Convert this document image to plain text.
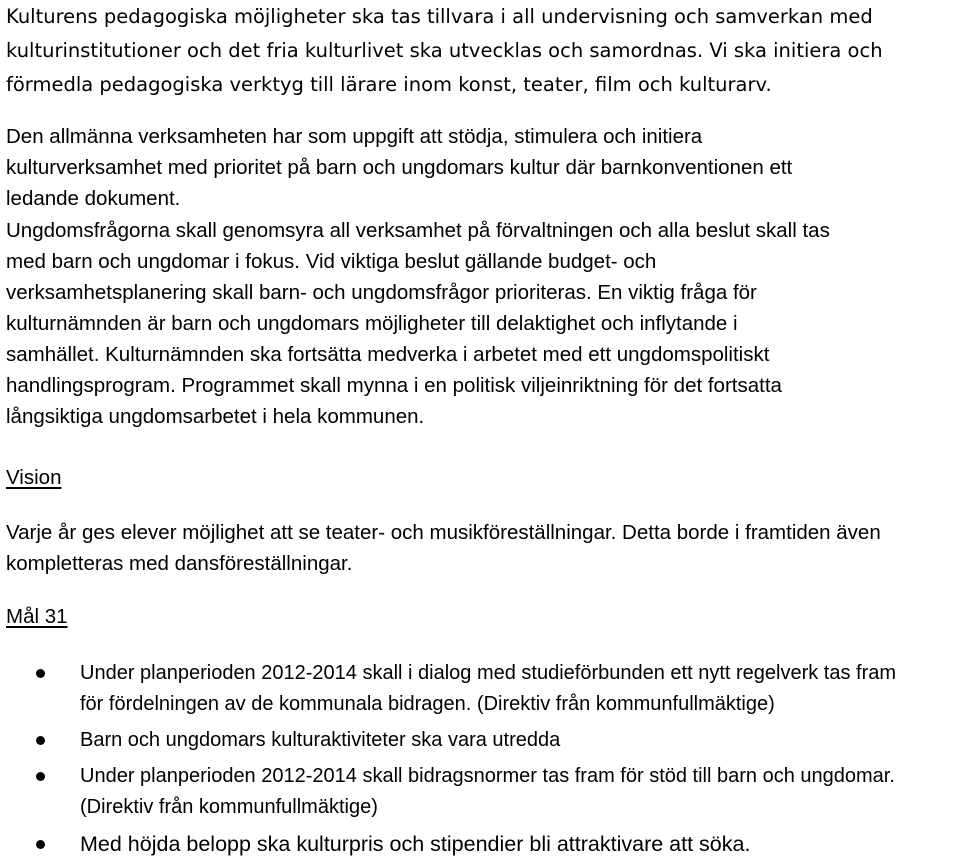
Kulturens pedagogiska möjligheter ska tas tillvara i all undervisning och samverkan med
kulturinstitutioner och det fria kulturlivet ska utvecklas och samordnas. Vi ska initiera och
förmedla pedagogiska verktyg till lärare inom konst, teater, film och kulturarv.
Den allmänna verksamheten har som uppgift att stödja, stimulera och initiera
kulturverksamhet med prioritet på barn och ungdomars kultur där barnkonventionen ett
ledande dokument.
Ungdomsfrågorna skall genomsyra all verksamhet på förvaltningen och alla beslut skall tas
med barn och ungdomar i fokus. Vid viktiga beslut gällande budget- och
verksamhetsplanering skall barn- och ungdomsfrågor prioriteras. En viktig fråga för
kulturnämnden är barn och ungdomars möjligheter till delaktighet och inflytande i
samhället. Kulturnämnden ska fortsätta medverka i arbetet med ett ungdomspolitiskt
handlingsprogram. Programmet skall mynna i en politisk viljeinriktning för det fortsatta
långsiktiga ungdomsarbetet i hela kommunen.
Vision
Varje år ges elever möjlighet att se teater- och musikföreställningar. Detta borde i framtiden även
kompletteras med dansföreställningar.
Mål 31
Under planperioden 2012-2014 skall i dialog med studieförbunden ett nytt regelverk tas fram
för fördelningen av de kommunala bidragen. (Direktiv från kommunfullmäktige)
Barn och ungdomars kulturaktiviteter ska vara utredda
Under planperioden 2012-2014 skall bidragsnormer tas fram för stöd till barn och ungdomar.
(Direktiv från kommunfullmäktige)
Med höjda belopp ska kulturpris och stipendier bli attraktivare att söka.
